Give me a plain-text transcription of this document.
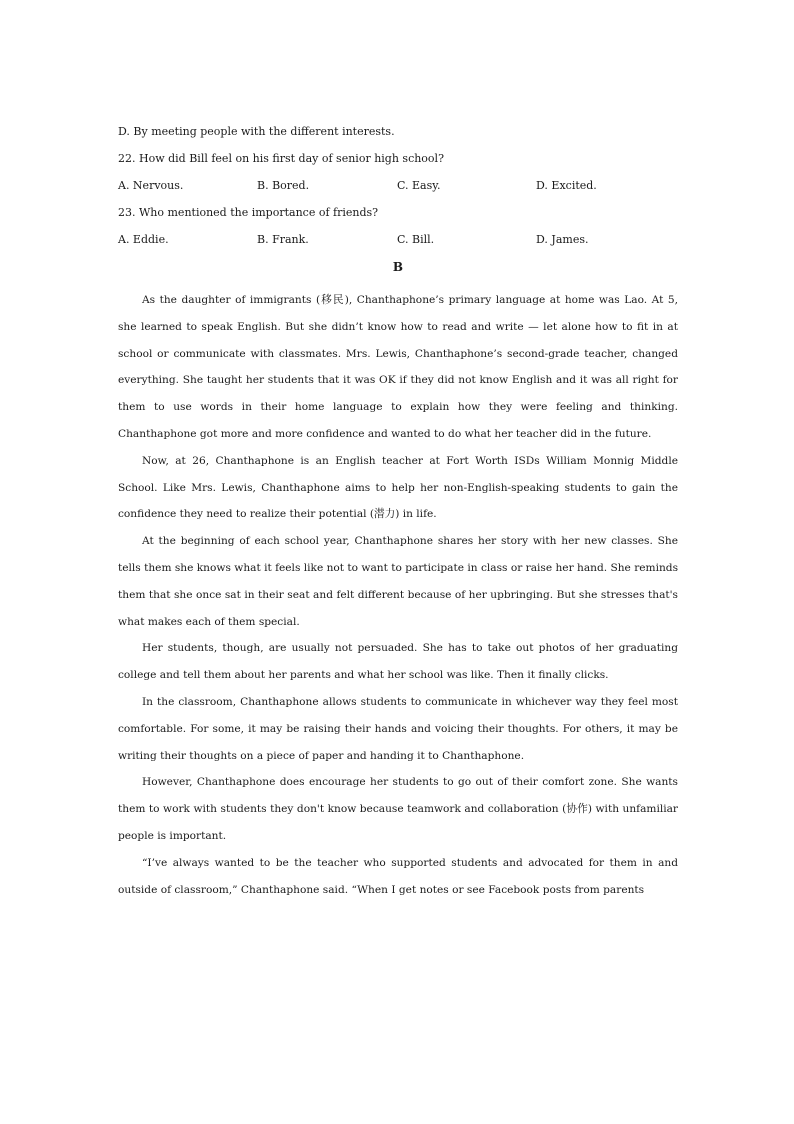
D. By meeting people with the different interests.
22. How did Bill feel on his first day of senior high school?
A. Nervous.	B. Bored.	C. Easy.	D. Excited.
23. Who mentioned the importance of friends?
A. Eddie.	B. Frank.	C. Bill.	D. James.
B

As the daughter of immigrants (移民), Chanthaphone’s primary language at home was Lao. At 5, she learned to speak English. But she didn’t know how to read and write — let alone how to fit in at school or communicate with classmates. Mrs. Lewis, Chanthaphone’s second-grade teacher, changed everything. She taught her students that it was OK if they did not know English and it was all right for them to use words in their home language to explain how they were feeling and thinking. Chanthaphone got more and more confidence and wanted to do what her teacher did in the future.

Now, at 26, Chanthaphone is an English teacher at Fort Worth ISDs William Monnig Middle School. Like Mrs. Lewis, Chanthaphone aims to help her non-English-speaking students to gain the confidence they need to realize their potential (潜力) in life.

At the beginning of each school year, Chanthaphone shares her story with her new classes. She tells them she knows what it feels like not to want to participate in class or raise her hand. She reminds them that she once sat in their seat and felt different because of her upbringing. But she stresses that's what makes each of them special.

Her students, though, are usually not persuaded. She has to take out photos of her graduating college and tell them about her parents and what her school was like. Then it finally clicks.

In the classroom, Chanthaphone allows students to communicate in whichever way they feel most comfortable. For some, it may be raising their hands and voicing their thoughts. For others, it may be writing their thoughts on a piece of paper and handing it to Chanthaphone.

However, Chanthaphone does encourage her students to go out of their comfort zone. She wants them to work with students they don't know because teamwork and collaboration (协作) with unfamiliar people is important.

“I’ve always wanted to be the teacher who supported students and advocated for them in and outside of classroom,” Chanthaphone said. “When I get notes or see Facebook posts from parents
